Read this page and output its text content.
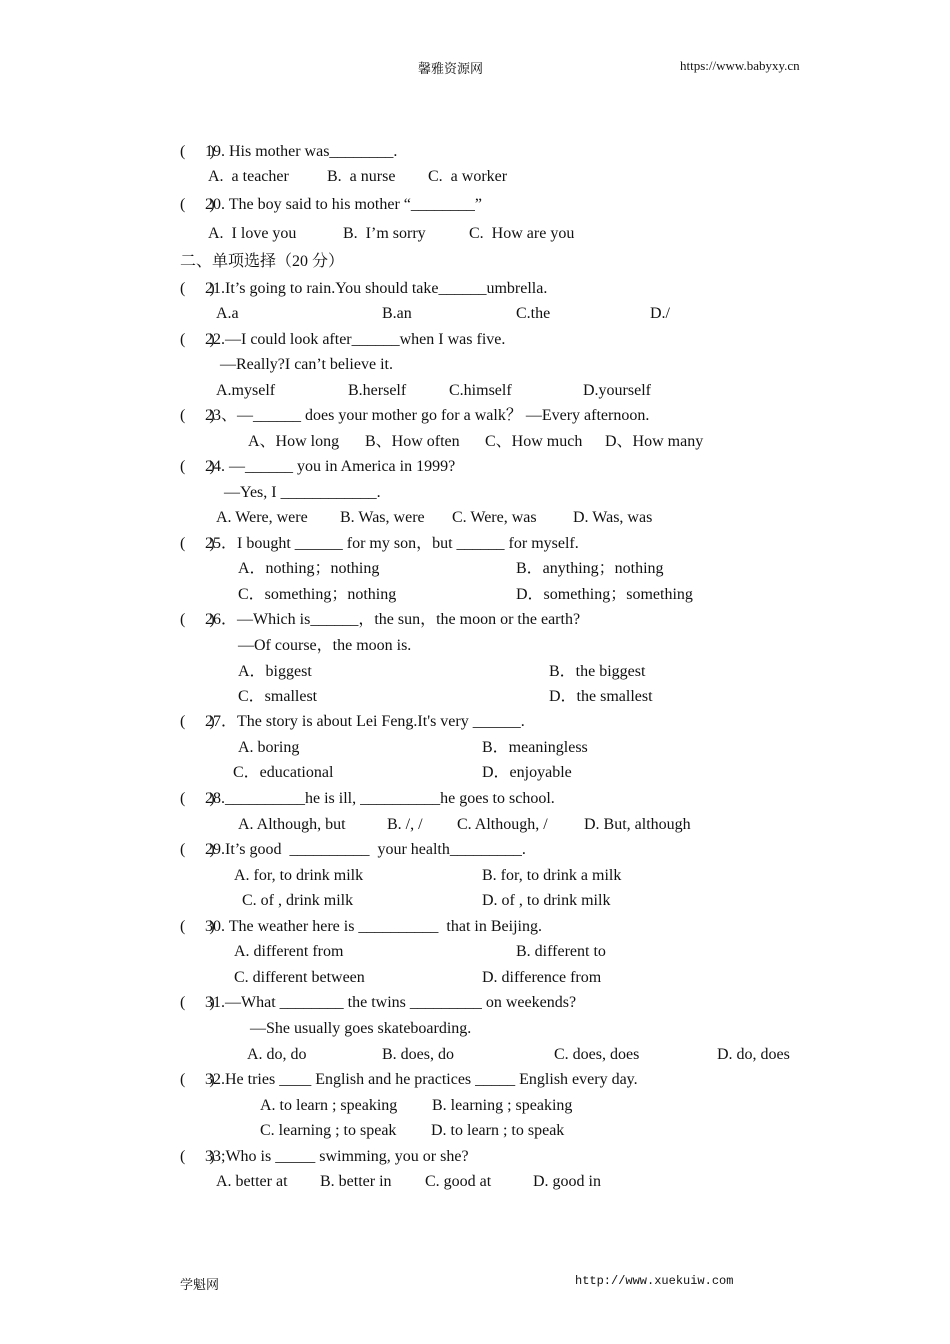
馨雅资源网	https://www.babyxy.cn
(      )
19. His mother was________.
A.  a teacher B.  a nurse C.  a worker
(      )
20. The boy said to his mother “________”
A.  I love you	B.  I’m sorry	C.  How are you
二、单项选择（20 分）
(      )
21.It’s going to rain.You should take______umbrella.
A.a	B.an	C.the	D./
(      )
22.—I could look after______when I was five.
—Really?I can’t believe it.
A.myself	B.herself	C.himself	D.yourself
(      )
23、—______ does your mother go for a walk？ —Every afternoon.
A、How long B、How often C、How much D、How many
(      )
24. —______ you in America in 1999?
—Yes, I ____________.
A. Were, were B. Was, were C. Were, was D. Was, was
(      )
25．I bought ______ for my son，but ______ for myself.
A．nothing；nothing	B．anything；nothing
C．something；nothing	D．something；something
(      )
26．—Which is______，the sun，the moon or the earth?
—Of course，the moon is.
A．biggest	B．the biggest
C．smallest	D．the smallest
(      )
27．The story is about Lei Feng.It's very ______.
A. boring	B．meaningless
C．educational	D．enjoyable
(      )
28.__________he is ill, __________he goes to school.
A. Although, but	B. /, / C. Although, / D. But, although
(      )
29.It’s good  __________  your health_________.
A. for, to drink milk	B. for, to drink a milk
C. of , drink milk	D. of , to drink milk
(      )
30. The weather here is __________  that in Beijing.
A. different from	B. different to
C. different between	D. difference from
(      )
31.—What ________ the twins _________ on weekends?
—She usually goes skateboarding.
A. do, do	B. does, do	C. does, does	D. do, does
(      )
32.He tries ____ English and he practices _____ English every day.
A. to learn ; speaking B. learning ; speaking
C. learning ; to speak D. to learn ; to speak
(      )
33;Who is _____ swimming, you or she?
A. better at B. better in C. good at	D. good in
学魁网	http://www.xuekuiw.com
